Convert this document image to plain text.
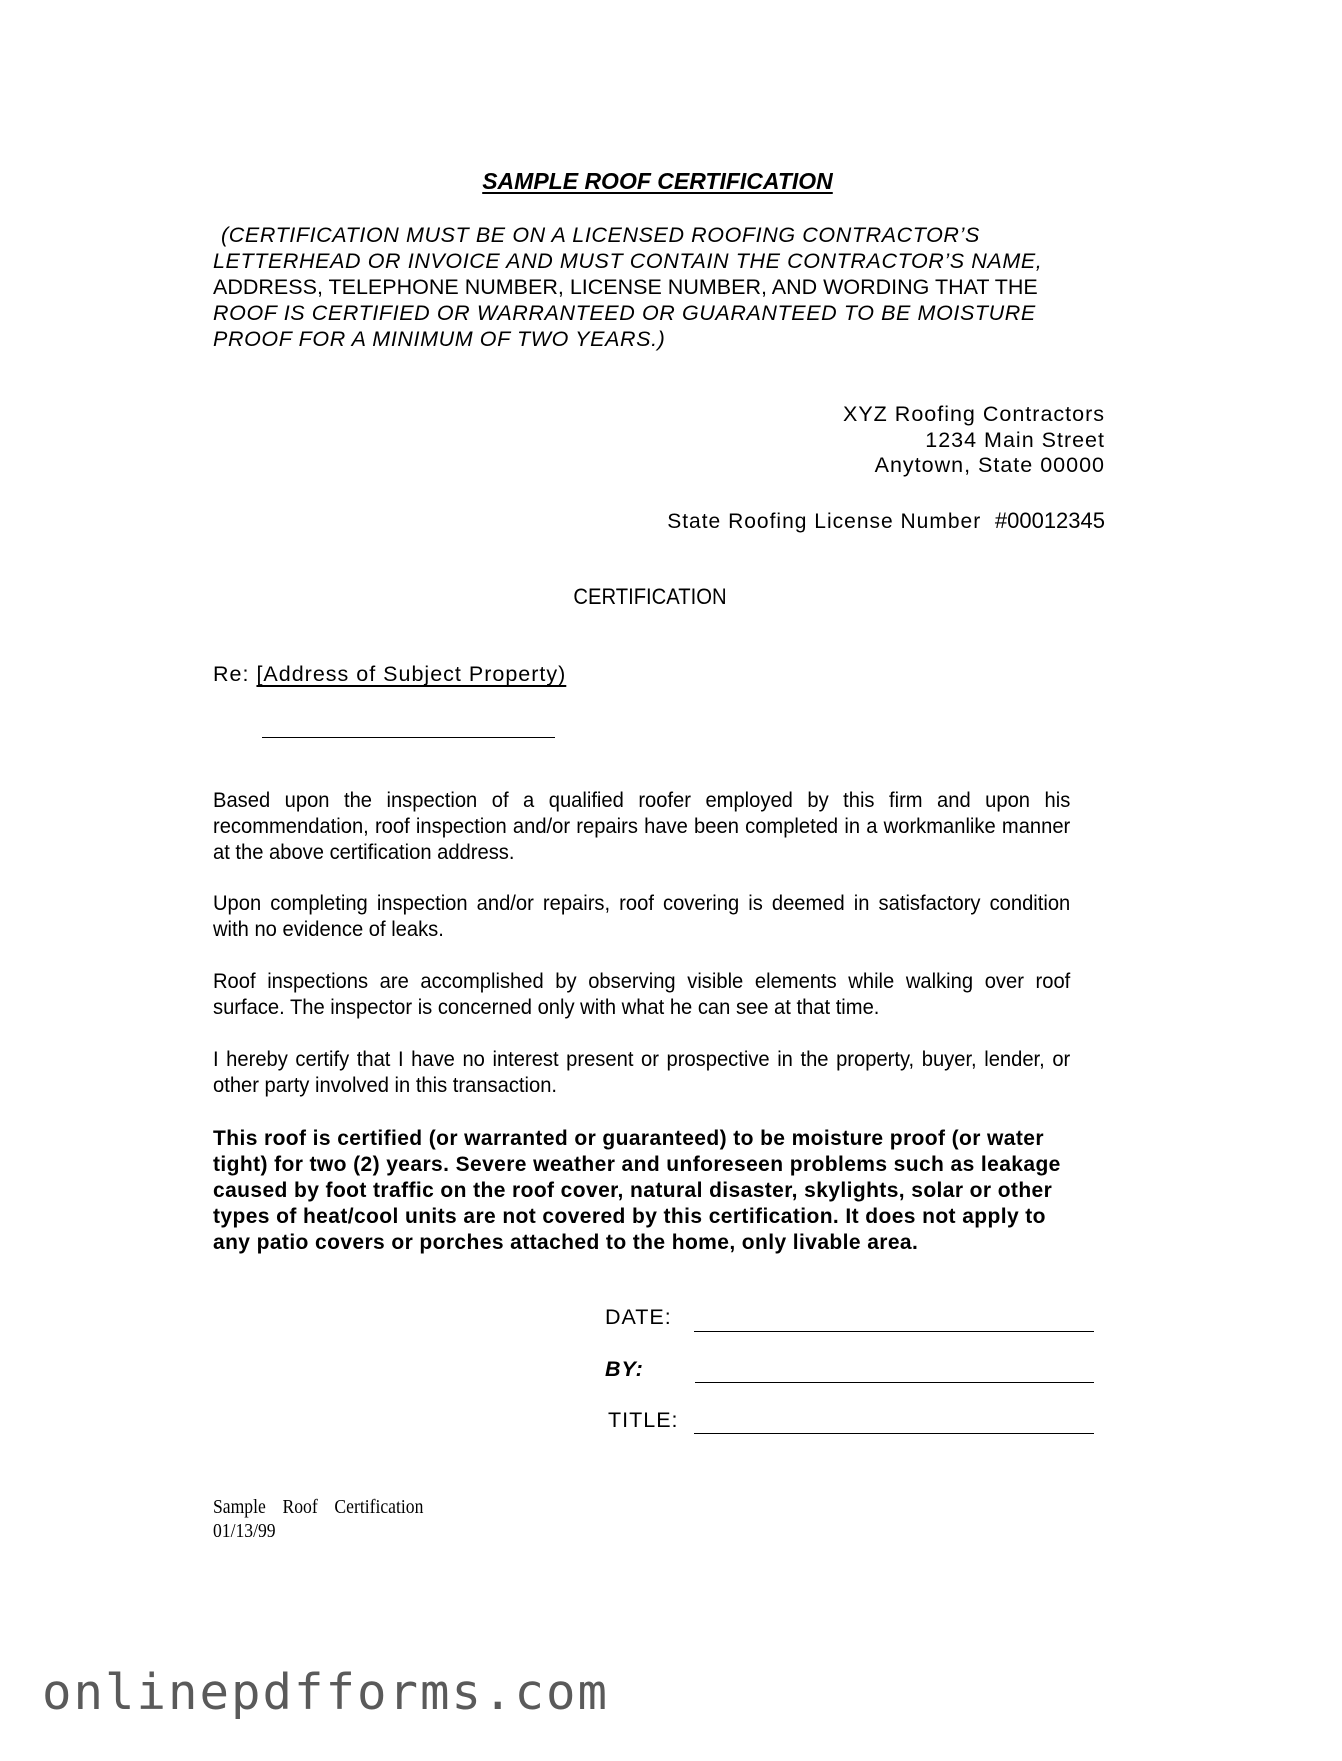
SAMPLE ROOF CERTIFICATION
(CERTIFICATION MUST BE ON A LICENSED ROOFING CONTRACTOR’S
LETTERHEAD OR INVOICE AND MUST CONTAIN THE CONTRACTOR’S NAME,
ADDRESS, TELEPHONE NUMBER, LICENSE NUMBER, AND WORDING THAT THE
ROOF IS CERTIFIED OR WARRANTEED OR GUARANTEED TO BE MOISTURE
PROOF FOR A MINIMUM OF TWO YEARS.)
XYZ Roofing Contractors
1234 Main Street
Anytown, State 00000
State Roofing License Number #00012345
CERTIFICATION
Re: [Address of Subject Property)
Based upon the inspection of a qualified roofer employed by this firm and upon his recommendation, roof inspection and/or repairs have been completed in a workmanlike manner at the above certification address.
Upon completing inspection and/or repairs, roof covering is deemed in satisfactory condition with no evidence of leaks.
Roof inspections are accomplished by observing visible elements while walking over roof surface. The inspector is concerned only with what he can see at that time.
I hereby certify that I have no interest present or prospective in the property, buyer, lender, or other party involved in this transaction.
This roof is certified (or warranted or guaranteed) to be moisture proof (or water
tight) for two (2) years. Severe weather and unforeseen problems such as leakage
caused by foot traffic on the roof cover, natural disaster, skylights, solar or other
types of heat/cool units are not covered by this certification. It does not apply to
any patio covers or porches attached to the home, only livable area.
DATE:
BY:
TITLE:
Sample Roof Certification
01/13/99
onlinepdfforms.com
